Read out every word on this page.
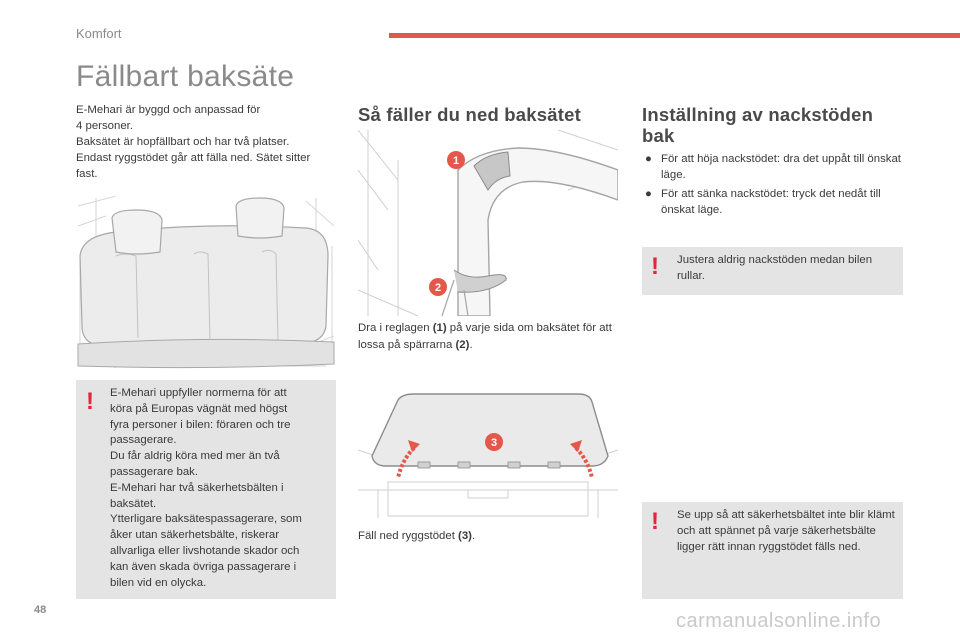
Komfort
Fällbart baksäte

E-Mehari är byggd och anpassad för

4 personer.

Baksätet är hopfällbart och har två platser.

Endast ryggstödet går att fälla ned. Sätet sitter

fast.

! E-Mehari uppfyller normerna för att

köra på Europas vägnät med högst

fyra personer i bilen: föraren och tre

passagerare.

Du får aldrig köra med mer än två

passagerare bak.

E-Mehari har två säkerhetsbälten i

baksätet.

Ytterligare baksätespassagerare, som

åker utan säkerhetsbälte, riskerar

allvarliga eller livshotande skador och

kan även skada övriga passagerare i

bilen vid en olycka.

Så fäller du ned baksätet
1
2
Dra i reglagen (1) på varje sida om baksätet för att lossa på spärrarna (2).
3
Fäll ned ryggstödet (3).
Inställning av nackstöden bak
● För att höja nackstödet: dra det uppåt till önskat läge.
● För att sänka nackstödet: tryck det nedåt till önskat läge.
! Justera aldrig nackstöden medan bilen rullar.
! Se upp så att säkerhetsbältet inte blir klämt och att spännet på varje säkerhetsbälte ligger rätt innan ryggstödet fälls ned.
48	carmanualsonline.info
